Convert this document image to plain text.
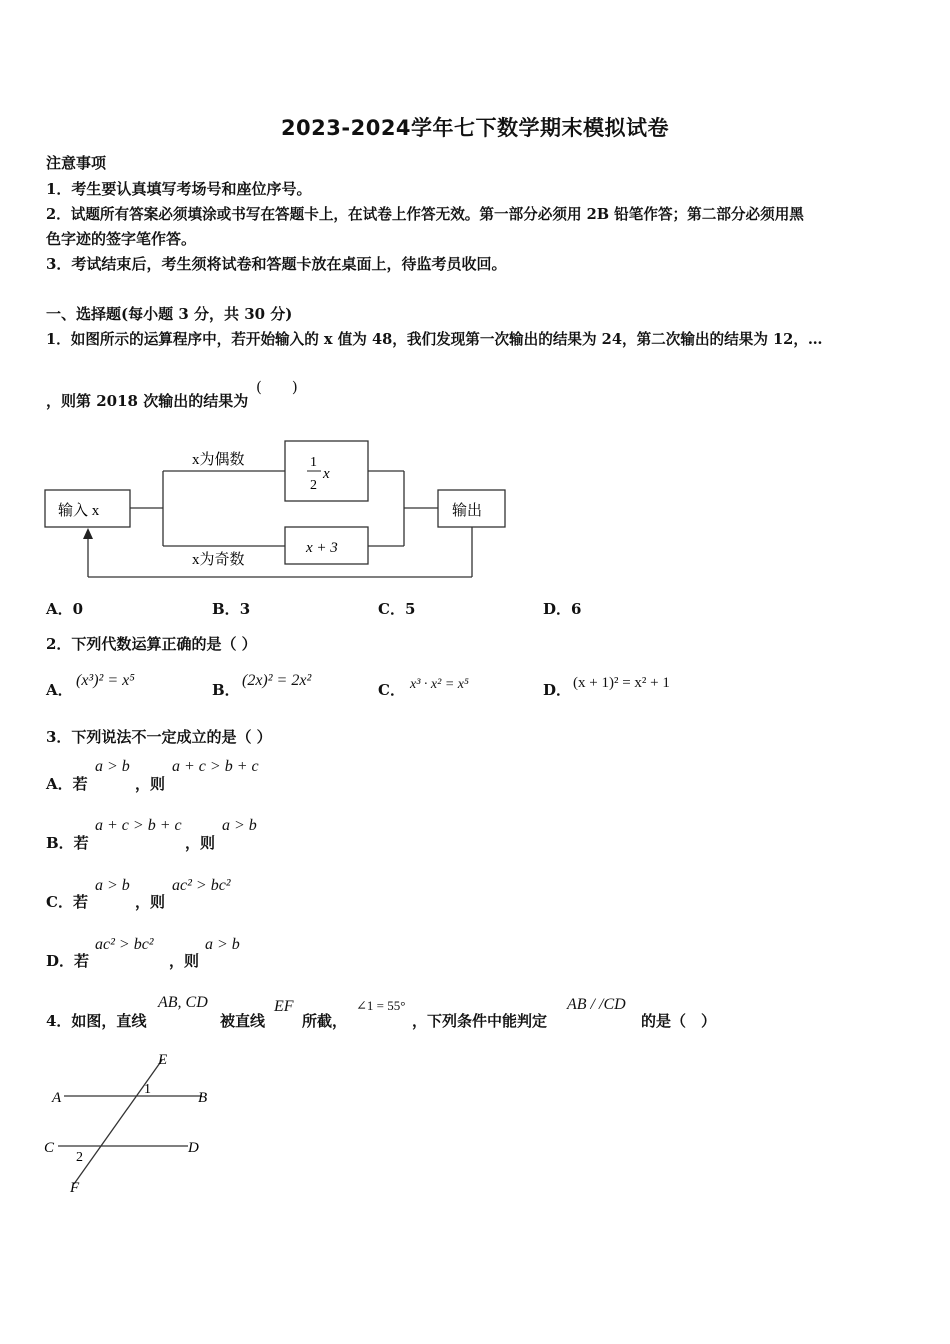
2023-2024学年七下数学期末模拟试卷
注意事项
1．考生要认真填写考场号和座位序号。
2．试题所有答案必须填涂或书写在答题卡上，在试卷上作答无效。第一部分必须用 2B 铅笔作答；第二部分必须用黑
色字迹的签字笔作答。
3．考试结束后，考生须将试卷和答题卡放在桌面上，待监考员收回。
一、选择题(每小题 3 分，共 30 分)
1．如图所示的运算程序中，若开始输入的 x 值为 48，我们发现第一次输出的结果为 24，第二次输出的结果为 12，…
，则第 2018 次输出的结果为
(　　)
输入 x
x为偶数
x为奇数
1
2
x
x + 3
输出
A．0	B．3	C．5	D．6
2．下列代数运算正确的是（ ）
A．
(x³)² = x⁵
B．
(2x)² = 2x²
C． x³ · x² = x⁵	D． (x + 1)² = x² + 1
3．下列说法不一定成立的是（ ）
A．若
a > b
，则
a + c > b + c
B．若
a + c > b + c
，则
a > b
C．若
a > b
，则
ac² > bc²
D．若
ac² > bc²
，则
a > b
4．如图，直线
AB, CD
被直线
EF
所截，
∠1 = 55°
，下列条件中能判定
AB / /CD
的是（　）
A	B
C	D
E
F
1
2
